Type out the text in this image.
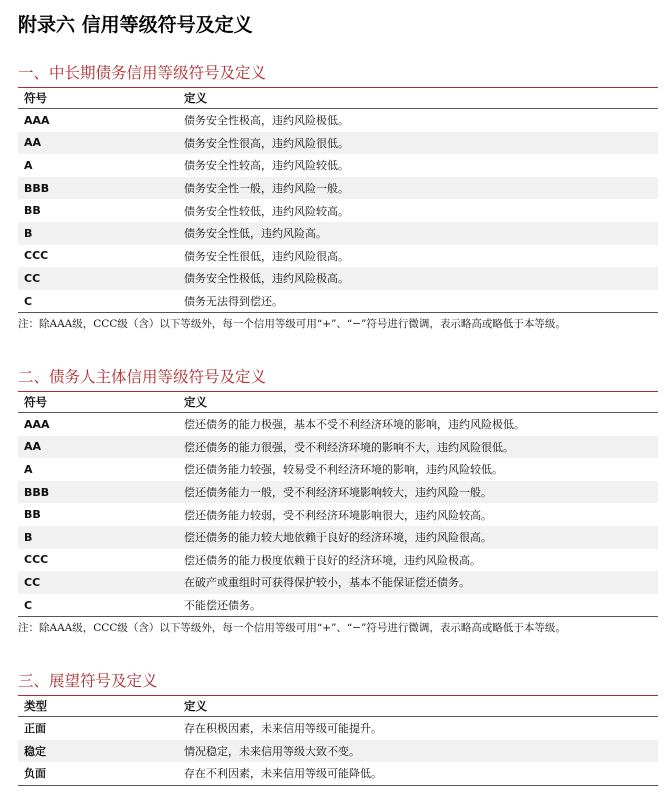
附录六 信用等级符号及定义
一、中长期债务信用等级符号及定义
符号	定义
AAA	债务安全性极高，违约风险极低。
AA	债务安全性很高，违约风险很低。
A	债务安全性较高，违约风险较低。
BBB	债务安全性一般，违约风险一般。
BB	债务安全性较低，违约风险较高。
B	债务安全性低，违约风险高。
CCC	债务安全性很低，违约风险很高。
CC	债务安全性极低，违约风险极高。
C	债务无法得到偿还。
注：除AAA级，CCC级（含）以下等级外，每一个信用等级可用“+”、“−”符号进行微调，表示略高或略低于本等级。
二、债务人主体信用等级符号及定义
符号	定义
AAA	偿还债务的能力极强，基本不受不利经济环境的影响，违约风险极低。
AA	偿还债务的能力很强，受不利经济环境的影响不大，违约风险很低。
A	偿还债务能力较强，较易受不利经济环境的影响，违约风险较低。
BBB	偿还债务能力一般，受不利经济环境影响较大，违约风险一般。
BB	偿还债务能力较弱，受不利经济环境影响很大，违约风险较高。
B	偿还债务的能力较大地依赖于良好的经济环境，违约风险很高。
CCC	偿还债务的能力极度依赖于良好的经济环境，违约风险极高。
CC	在破产或重组时可获得保护较小，基本不能保证偿还债务。
C	不能偿还债务。
注：除AAA级，CCC级（含）以下等级外，每一个信用等级可用“+”、“−”符号进行微调，表示略高或略低于本等级。
三、展望符号及定义
类型	定义
正面	存在积极因素，未来信用等级可能提升。
稳定	情况稳定，未来信用等级大致不变。
负面	存在不利因素，未来信用等级可能降低。
